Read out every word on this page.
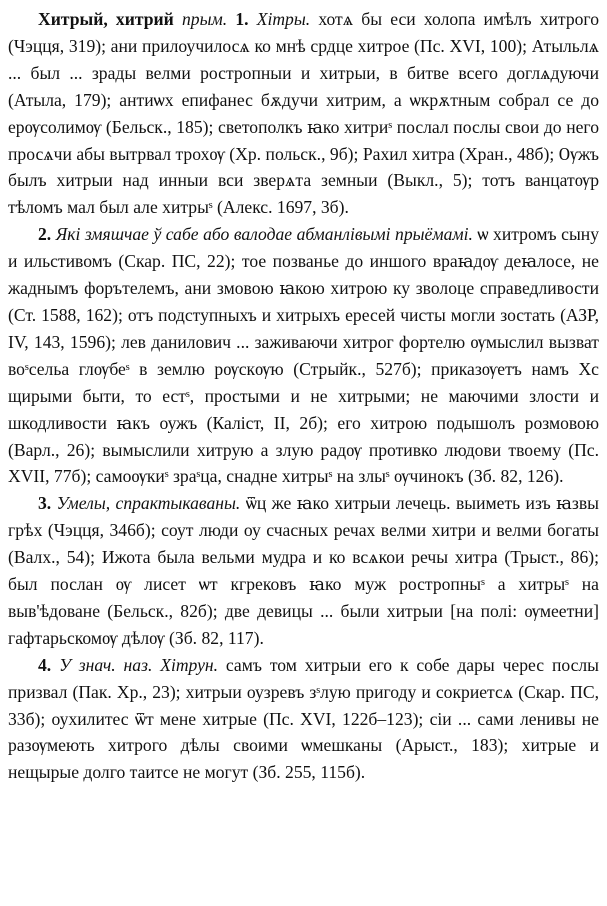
Хитрый, хитрий прым. 1. Хітры. хотѧ бы еси холопа имѣлъ хитрого (Чэцця, 319); ани прилоучилосѧ ко мнѣ срдце хитрое (Пс. XVI, 100); Атыльлѧ ... был ... зрады велми ростропныи и хитрыи, в битве всего доглѧдуючи (Атыла, 179); антиѡх епифанес бѫдучи хитрим, а ѡкрѫтным собрал се до ерѹсолимѹ (Бельск., 185); светополкъ ꙗко хитриˢ послал послы свои до него просѧчи абы вытрвал трохѹ (Хр. польск., 9б); Рахил хитра (Хран., 48б); Ѹжъ былъ хитрыи над инныи вси зверѧта земныи (Выкл., 5); тотъ ванцатѹр тѣломъ мал был але хитрыˢ (Алекс. 1697, 3б).

2. Які змяшчае ў сабе або валодае абманлівымі прыёмамі. ѡ хитромъ сыну и ильстивомъ (Скар. ПС, 22); тое позванье до иншого враꙗдѹ деꙗлосе, не жаднымъ форътелемъ, ани змовою ꙗкою хитрою ку зволоце справедливости (Ст. 1588, 162); отъ подступныхъ и хитрыхъ ересей чисты могли зостать (АЗР, IV, 143, 1596); лев данилович ... заживаючи хитрог фортелю ѹмыслил вызват воˢсельа глѹбеˢ в землю рѹскѹю (Стрыйк., 527б); приказѹетъ намъ Хс щирыми быти, то естˢ, простыми и не хитрыми; не маючими злости и шкодливости ꙗкъ оужъ (Каліст, II, 2б); его хитрою подышолъ розмовою (Варл., 26); вымыслили хитрую а злую радѹ противко людови твоему (Пс. XVII, 77б); самоѹкиˢ зраˢца, снадне хитрыˢ на злыˢ ѹчинокъ (Зб. 82, 126).

3. Умелы, спрактыкаваны. ѿц же ꙗко хитрыи лечець. выиметь изъ ꙗзвы грѣх (Чэцця, 346б); соут люди оу счасных речах велми хитри и велми богаты (Валх., 54); Ижота была вельми мудра и ко всѧкои речы хитра (Трыст., 86); был послан ѹ лисет ѡт кгрековъ ꙗко муж ростропныˢ а хитрыˢ на выв'ѣдоване (Бельск., 82б); две девицы ... были хитрыи [на полі: ѹмеетни] гафтарьскомѹ дѣлѹ (Зб. 82, 117).

4. У знач. наз. Хітрун. самъ том хитрыи его к собе дары черес послы призвал (Пак. Хр., 23); хитрыи оузревъ зˢлую пригоду и сокриетсѧ (Скар. ПС, 33б); оухилитес ѿт мене хитрые (Пс. XVI, 122б–123); сіи ... сами ленивы не разѹмеють хитрого дѣлы своими ѡмешканы (Арыст., 183); хитрые и нещырые долго таитсе не могут (Зб. 255, 115б).
